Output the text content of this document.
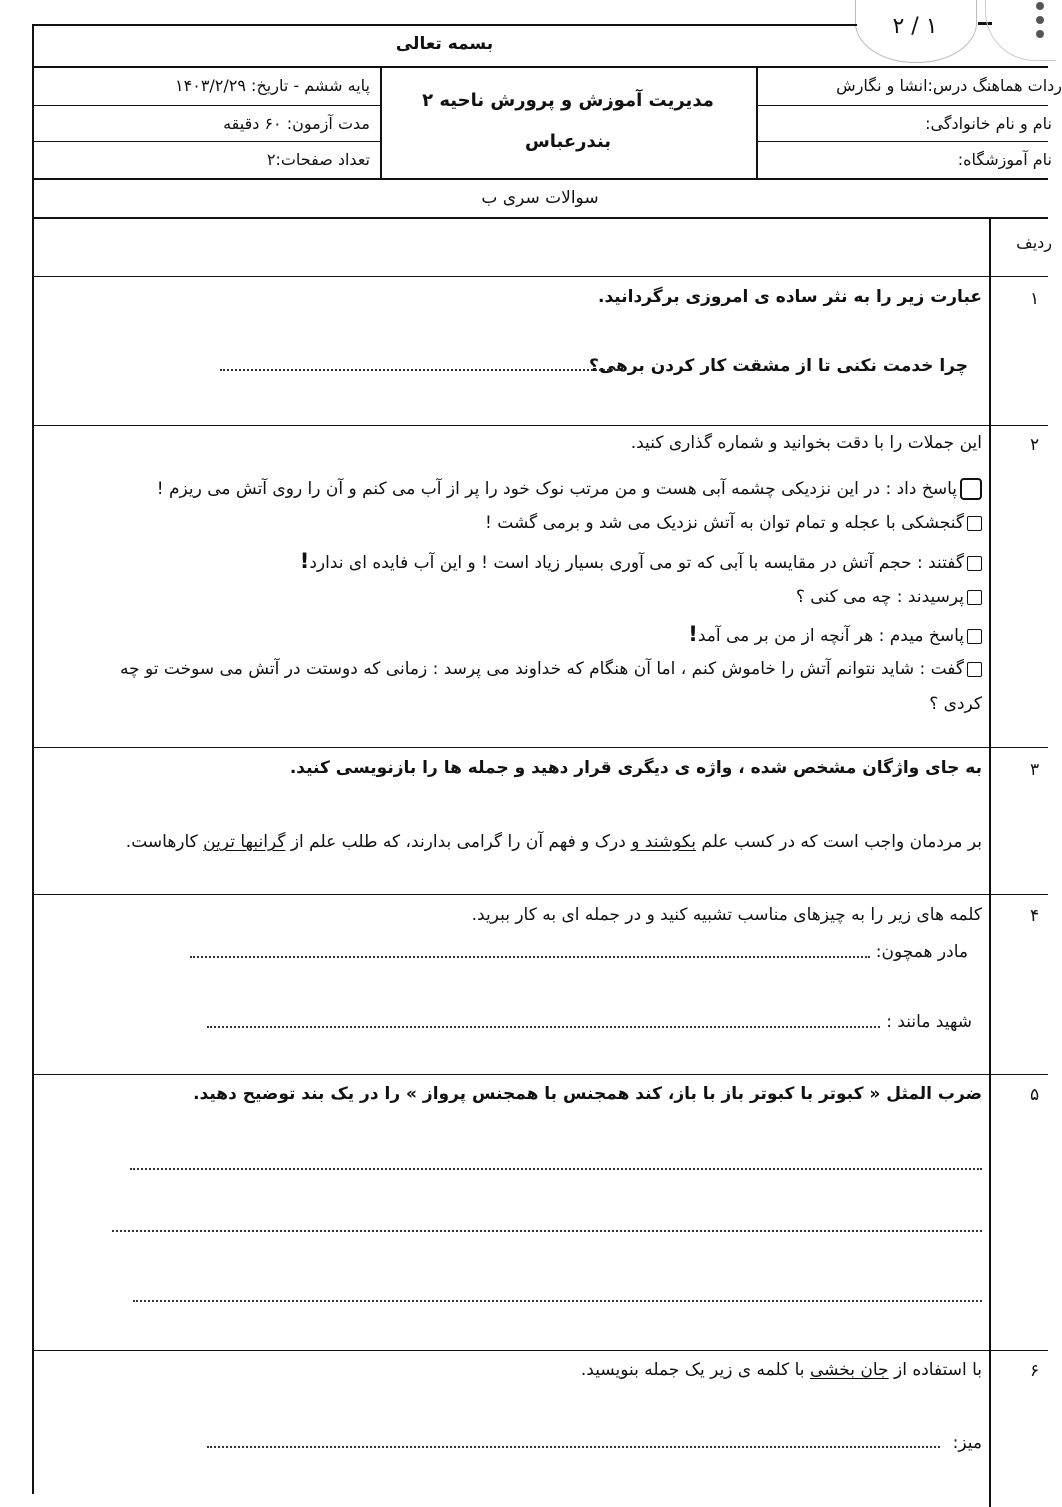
۲ / ۱
بسمه تعالی
پایه ششم - تاریخ: ۱۴۰۳/۲/۲۹
مدت آزمون: ۶۰ دقیقه
تعداد صفحات:۲
مدیریت آموزش و پرورش ناحیه ۲
بندرعباس
ردات هماهنگ درس:انشا و نگارش
نام و نام خانوادگی:
نام آموزشگاه:
سوالات سری ب
ردیف
۱
عبارت زیر را به نثر ساده ی امروزی برگردانید.
چرا خدمت نکنی تا از مشقت کار کردن برهی؟
۲
این جملات را با دقت بخوانید و شماره گذاری کنید.
پاسخ داد : در این نزدیکی چشمه آبی هست و من مرتب نوک خود را پر از آب می کنم و آن را روی آتش می ریزم !
گنجشکی با عجله و تمام توان به آتش نزدیک می شد و برمی گشت !
گفتند : حجم آتش در مقایسه با آبی که تو می آوری بسیار زیاد است ! و این آب فایده ای ندارد!
پرسیدند : چه می کنی ؟
پاسخ میدم : هر آنچه از من بر می آمد!
گفت : شاید نتوانم آتش را خاموش کنم ، اما آن هنگام که خداوند می پرسد : زمانی که دوستت در آتش می سوخت تو چه
کردی ؟
۳
به جای واژگان مشخص شده ، واژه ی دیگری قرار دهید و جمله ها را بازنویسی کنید.
بر مردمان واجب است که در کسب علم بکوشند و درک و فهم آن را گرامی بدارند، که طلب علم از گرانبها ترین کارهاست.
۴
کلمه های زیر را به چیزهای مناسب تشبیه کنید و در جمله ای به کار ببرید.
مادر همچون:
شهید مانند :
۵
ضرب المثل « کبوتر با کبوتر باز با باز، کند همجنس با همجنس پرواز » را در یک بند توضیح دهید.
۶
با استفاده از جان بخشی با کلمه ی زیر یک جمله بنویسید.
میز:
